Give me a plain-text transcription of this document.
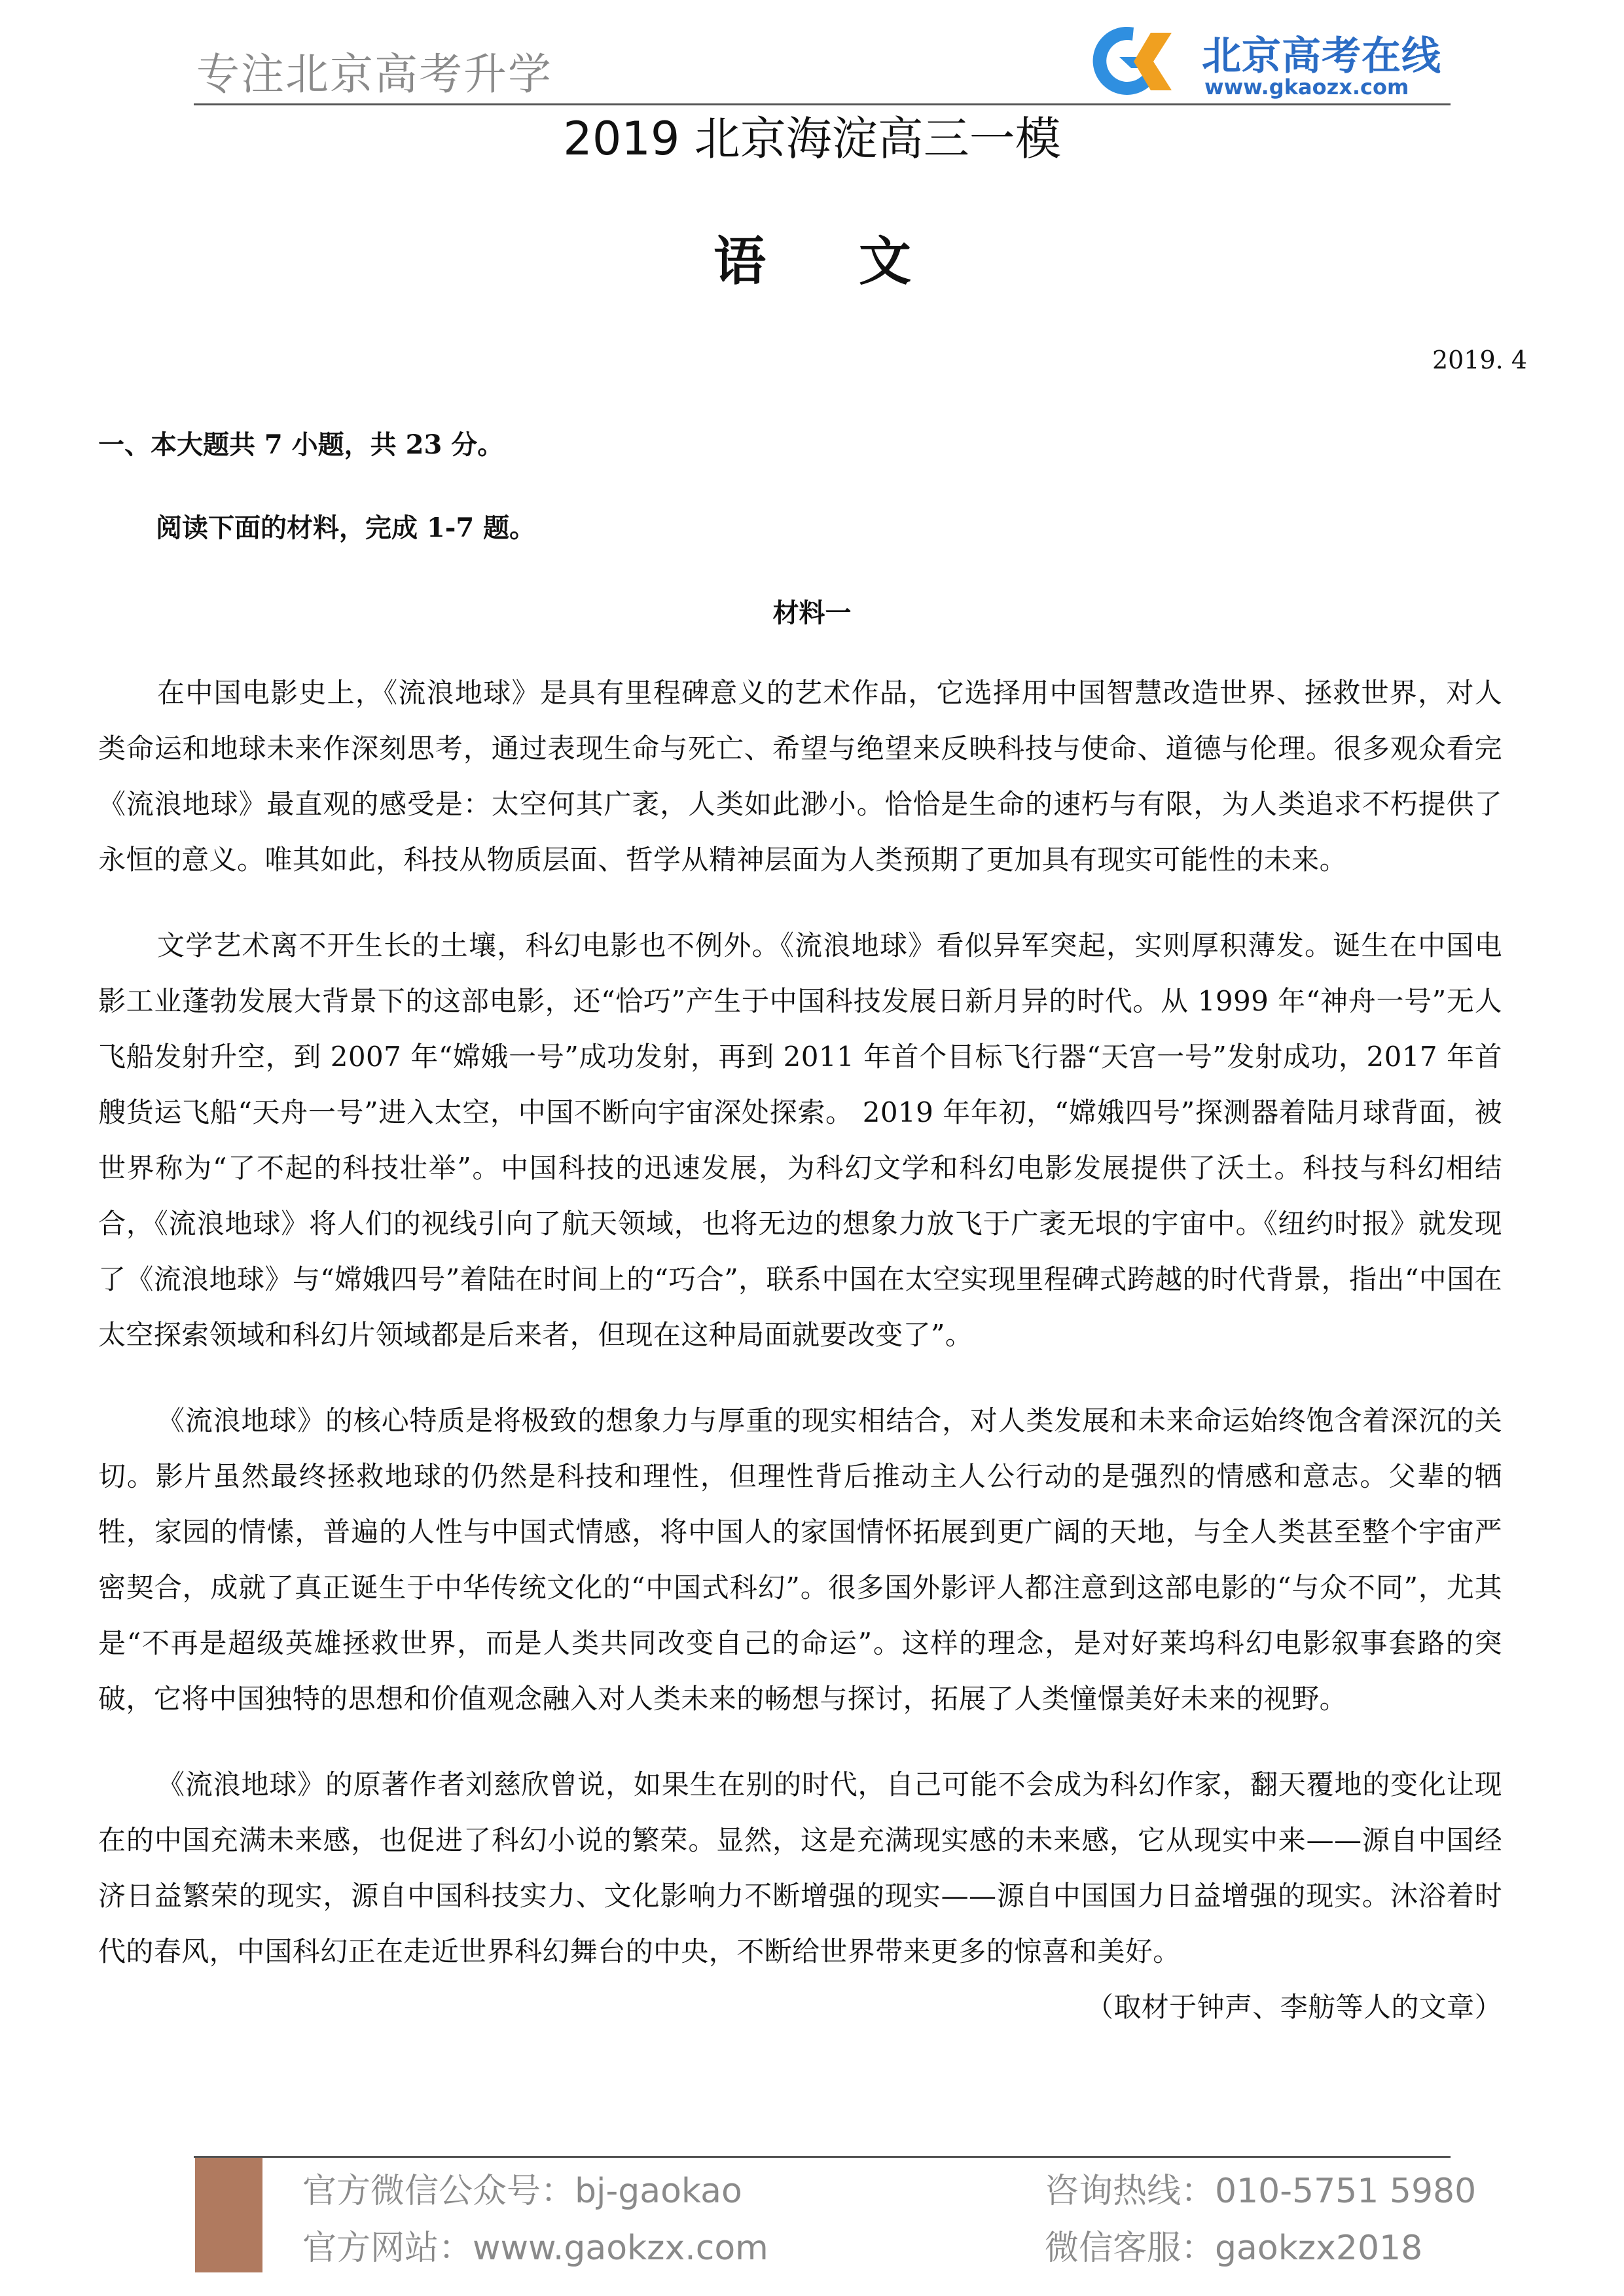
专注北京高考升学	北京高考在线
www.gkaozx.com
2019 北京海淀高三一模
语 文
2019. 4
一、本大题共 7 小题，共 23 分。
阅读下面的材料，完成 1-7 题。
材料一

在中国电影史上，《流浪地球》是具有里程碑意义的艺术作品，它选择用中国智慧改造世界、拯救世界，对人类命运和地球未来作深刻思考，通过表现生命与死亡、希望与绝望来反映科技与使命、道德与伦理。很多观众看完《流浪地球》最直观的感受是：太空何其广袤，人类如此渺小。恰恰是生命的速朽与有限，为人类追求不朽提供了永恒的意义。唯其如此，科技从物质层面、哲学从精神层面为人类预期了更加具有现实可能性的未来。

文学艺术离不开生长的土壤，科幻电影也不例外。《流浪地球》看似异军突起，实则厚积薄发。诞生在中国电影工业蓬勃发展大背景下的这部电影，还“恰巧”产生于中国科技发展日新月异的时代。从 1999 年“神舟一号”无人飞船发射升空，到 2007 年“嫦娥一号”成功发射，再到 2011 年首个目标飞行器“天宫一号”发射成功，2017 年首艘货运飞船“天舟一号”进入太空，中国不断向宇宙深处探索。 2019 年年初，“嫦娥四号”探测器着陆月球背面，被世界称为“了不起的科技壮举”。中国科技的迅速发展，为科幻文学和科幻电影发展提供了沃土。科技与科幻相结合，《流浪地球》将人们的视线引向了航天领域，也将无边的想象力放飞于广袤无垠的宇宙中。《纽约时报》就发现了《流浪地球》与“嫦娥四号”着陆在时间上的“巧合”，联系中国在太空实现里程碑式跨越的时代背景，指出“中国在太空探索领域和科幻片领域都是后来者，但现在这种局面就要改变了”。

《流浪地球》的核心特质是将极致的想象力与厚重的现实相结合，对人类发展和未来命运始终饱含着深沉的关切。影片虽然最终拯救地球的仍然是科技和理性，但理性背后推动主人公行动的是强烈的情感和意志。父辈的牺牲，家园的情愫，普遍的人性与中国式情感，将中国人的家国情怀拓展到更广阔的天地，与全人类甚至整个宇宙严密契合，成就了真正诞生于中华传统文化的“中国式科幻”。很多国外影评人都注意到这部电影的“与众不同”，尤其是“不再是超级英雄拯救世界，而是人类共同改变自己的命运”。这样的理念，是对好莱坞科幻电影叙事套路的突破，它将中国独特的思想和价值观念融入对人类未来的畅想与探讨，拓展了人类憧憬美好未来的视野。

《流浪地球》的原著作者刘慈欣曾说，如果生在别的时代，自己可能不会成为科幻作家，翻天覆地的变化让现在的中国充满未来感，也促进了科幻小说的繁荣。显然，这是充满现实感的未来感，它从现实中来——源自中国经济日益繁荣的现实，源自中国科技实力、文化影响力不断增强的现实——源自中国国力日益增强的现实。沐浴着时代的春风，中国科幻正在走近世界科幻舞台的中央，不断给世界带来更多的惊喜和美好。
（取材于钟声、李舫等人的文章）

官方微信公众号：bj-gaokao
官方网站：www.gaokzx.com
咨询热线：010-5751 5980
微信客服：gaokzx2018
